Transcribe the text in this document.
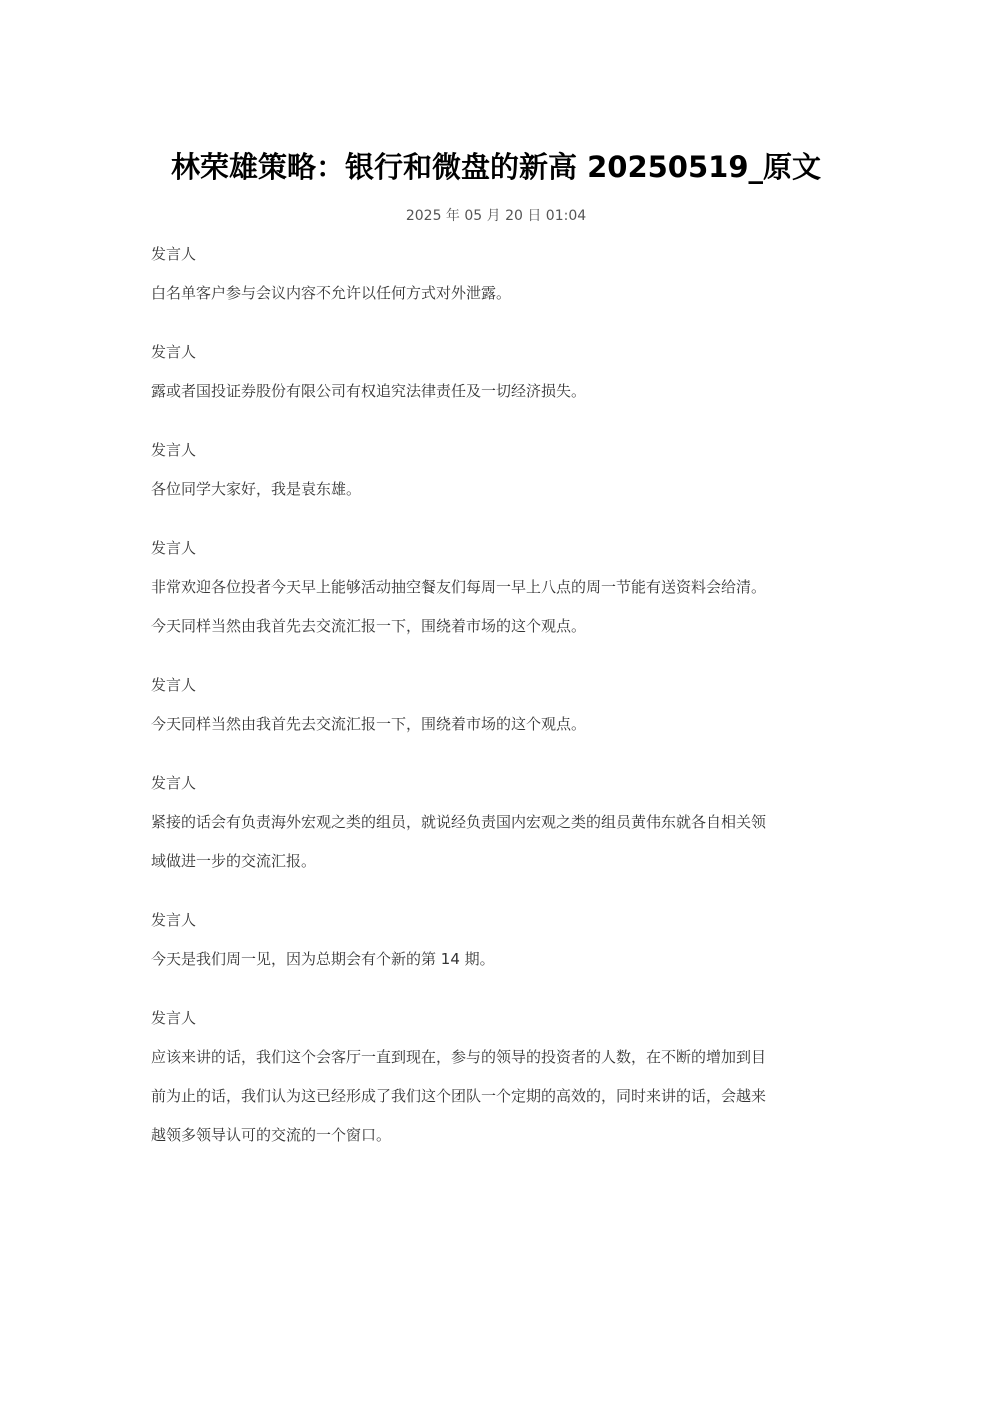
林荣雄策略：银行和微盘的新高 20250519_原文
2025 年 05 月 20 日 01:04
发言人
白名单客户参与会议内容不允许以任何方式对外泄露。
发言人
露或者国投证券股份有限公司有权追究法律责任及一切经济损失。
发言人
各位同学大家好，我是袁东雄。
发言人
非常欢迎各位投者今天早上能够活动抽空餐友们每周一早上八点的周一节能有送资料会给清。
今天同样当然由我首先去交流汇报一下，围绕着市场的这个观点。
发言人
今天同样当然由我首先去交流汇报一下，围绕着市场的这个观点。
发言人
紧接的话会有负责海外宏观之类的组员，就说经负责国内宏观之类的组员黄伟东就各自相关领
域做进一步的交流汇报。
发言人
今天是我们周一见，因为总期会有个新的第 14 期。
发言人
应该来讲的话，我们这个会客厅一直到现在，参与的领导的投资者的人数，在不断的增加到目
前为止的话，我们认为这已经形成了我们这个团队一个定期的高效的，同时来讲的话，会越来
越领多领导认可的交流的一个窗口。
